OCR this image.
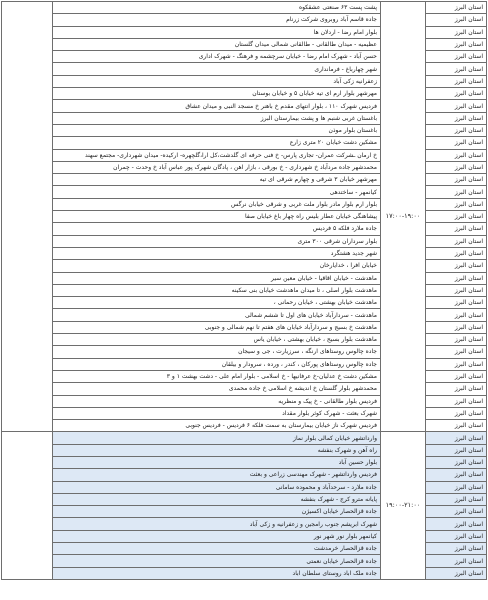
استان البرز	۱۷:۰۰-۱۹:۰۰	پشت پست ۶۳ صنعتی عشقکوه	
استان البرز		جاده قاسم آباد روبروی شرکت زرنام	
استان البرز		بلوار امام رضا - اردلان ها	
استان البرز		عظیمیه - میدان طالقانی - طالقانی شمالی میدان گلستان	
استان البرز		حسن آباد - شهرک امام رضا - خیابان سرچشمه و فرهنگ - شهرک اداری	
استان البرز		شهر چهارباغ - فرمانداری	
استان البرز		زعفرانیه زکی آباد	
استان البرز		مهرشهر بلوار ارم ای تیه خیابان ۵ و خیابان بوستان	
استان البرز		فردیس شهرک ۱۱۰ ، بلوار انتهای مقدم خ باهنر خ مسجد النبی و میدان عشاق	
استان البرز		باغستان غربی شنبم ها و پشت بیمارستان البرز	
استان البرز		باغستان بلوار موذن	
استان البرز		مشکین دشت خیابان ۲۰ متری زارع	
استان البرز		خ ارمان ـشرکت عمران- تجاری پارس- خ فنی حرفه ای گلدشت،کل ارا،گلچهره- ارکیده- میدان شهرداری- مجتمع سهند	
استان البرز		محمدشهر جاده مردآباد خ شهرداری - خ بورقی ، بازار اهن ، پادگان شهرک پور عباس آباد خ وحدت - چمران	
استان البرز		مهرشهر خیابان ۳ شرقی و چهارم شرقی ای تیه	
استان البرز		کیانمهر - ساختدهی	
استان البرز		بلوار ارم بلوار مادر بلوار ملت غربی و شرقی خیابان نرگس	
استان البرز		پیشاهنگی خیابان عطار بلیس راه چهار باغ خیابان صفا	
استان البرز		جاده ملارد فلکه ۵ فردیس	
استان البرز		بلوار سرداران شرقی ۳۰۰ متری	
استان البرز		شهر جدید هشتگرد	
استان البرز		خیابان افرا ، خدایارخان	
استان البرز		ماهدشت - خیابان اقاقیا - خیابان معین سیر	
استان البرز		ماهدشت بلوار اصلی ، تا میدان ماهدشت خیابان بنی سکینه	
استان البرز		ماهدشت خیابان بهشتی ، خیابان رحمانی ،	
استان البرز		ماهدشت - سردارآباد خیابان های اول تا ششم شمالی	
استان البرز		ماهدشت خ بسیج و سردارآباد خیابان های هفتم تا نهم شمالی و جنوبی	
استان البرز		ماهدشت بلوار بسیج ، خیابان بهشتی ، خیابان یاس	
استان البرز		جاده چالوس روستاهای ارنگه ، سرزیارت ، جی و سیجان	
استان البرز		جاده چالوس روستاهای پورکان ، کندر ، ورده ، سرودار و بیلقان	
استان البرز		مشکین دشت خ عدلیان-خ عرفانیها - خ اسلامی - بلوار امام علی - دشت بهشت ۱ و ۳	
استان البرز		محمدشهر بلوار گلستان خ اندیشه خ اسلامی خ جاده محمدی	
استان البرز		فردیس بلوار طالقانی - خ پیک و منظریه	
استان البرز		شهرک بعثت - شهرک کوثر بلوار مقداد	
استان البرز		فردیس شهرک ناز خیابان بیمارستان به سمت فلکه ۶ فردیس - فردیس جنوبی	
استان البرز	۱۹:۰۰-۲۱:۰۰	وارداتشهر خیابان کمالی بلوار نماز	
استان البرز		راه آهن و شهرک بنفشه	
استان البرز		بلوار حسین آباد	
استان البرز		فردیس وارداتشهر - شهرک مهندسی زراعی و بعثت	
استان البرز		جاده ملارد - سرحدآباد و محموده سامانی	
استان البرز		پایانه مترو کرج - شهرک بنفشه	
استان البرز		جاده قزالحصار خیابان اکسیژن	
استان البرز		شهرک ابریشم جنوب رامجین و زعفرانیه و زکی آباد	
استان البرز		کیانمهر بلوار نور شهر نور	
استان البرز		جاده قزالحصار خرمدشت	
استان البرز		جاده قزالحصار خیابان نعمتی	
استان البرز		جاده ملک اباد روستای سلطان اباد	
